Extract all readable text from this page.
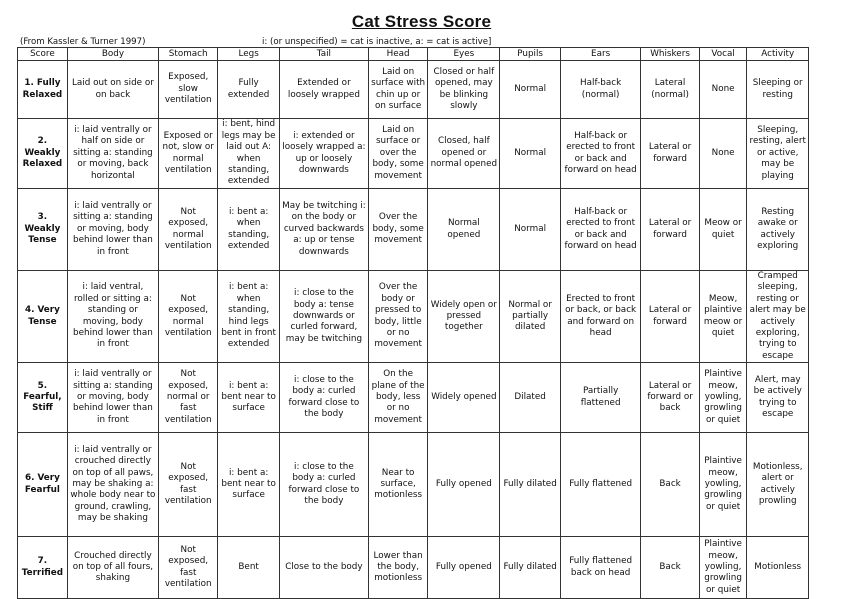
Cat Stress Score
(From Kassler & Turner 1997)	i: (or unspecified) = cat is inactive, a: = cat is active]
Score	Body	Stomach	Legs	Tail	Head	Eyes	Pupils	Ears	Whiskers	Vocal	Activity
1. Fully Relaxed	Laid out on side or on back	Exposed, slow ventilation	Fully extended	Extended or loosely wrapped	Laid on surface with chin up or on surface	Closed or half opened, may be blinking slowly	Normal	Half-back (normal)	Lateral (normal)	None	Sleeping or resting
2. Weakly Relaxed	i: laid ventrally or half on side or sitting a: standing or moving, back horizontal	Exposed or not, slow or normal ventilation	i: bent, hind legs may be laid out A: when standing, extended	i: extended or loosely wrapped a: up or loosely downwards	Laid on surface or over the body, some movement	Closed, half opened or normal opened	Normal	Half-back or erected to front or back and forward on head	Lateral or forward	None	Sleeping, resting, alert or active, may be playing
3. Weakly Tense	i: laid ventrally or sitting a: standing or moving, body behind lower than in front	Not exposed, normal ventilation	i: bent a: when standing, extended	May be twitching i: on the body or curved backwards a: up or tense downwards	Over the body, some movement	Normal opened	Normal	Half-back or erected to front or back and forward on head	Lateral or forward	Meow or quiet	Resting awake or actively exploring
4. Very Tense	i: laid ventral, rolled or sitting a: standing or moving, body behind lower than in front	Not exposed, normal ventilation	i: bent a: when standing, hind legs bent in front extended	i: close to the body a: tense downwards or curled forward, may be twitching	Over the body or pressed to body, little or no movement	Widely open or pressed together	Normal or partially dilated	Erected to front or back, or back and forward on head	Lateral or forward	Meow, plaintive meow or quiet	Cramped sleeping, resting or alert may be actively exploring, trying to escape
5. Fearful, Stiff	i: laid ventrally or sitting a: standing or moving, body behind lower than in front	Not exposed, normal or fast ventilation	i: bent a: bent near to surface	i: close to the body a: curled forward close to the body	On the plane of the body, less or no movement	Widely opened	Dilated	Partially flattened	Lateral or forward or back	Plaintive meow, yowling, growling or quiet	Alert, may be actively trying to escape
6. Very Fearful	i: laid ventrally or crouched directly on top of all paws, may be shaking a: whole body near to ground, crawling, may be shaking	Not exposed, fast ventilation	i: bent a: bent near to surface	i: close to the body a: curled forward close to the body	Near to surface, motionless	Fully opened	Fully dilated	Fully flattened	Back	Plaintive meow, yowling, growling or quiet	Motionless, alert or actively prowling
7. Terrified	Crouched directly on top of all fours, shaking	Not exposed, fast ventilation	Bent	Close to the body	Lower than the body, motionless	Fully opened	Fully dilated	Fully flattened back on head	Back	Plaintive meow, yowling, growling or quiet	Motionless
